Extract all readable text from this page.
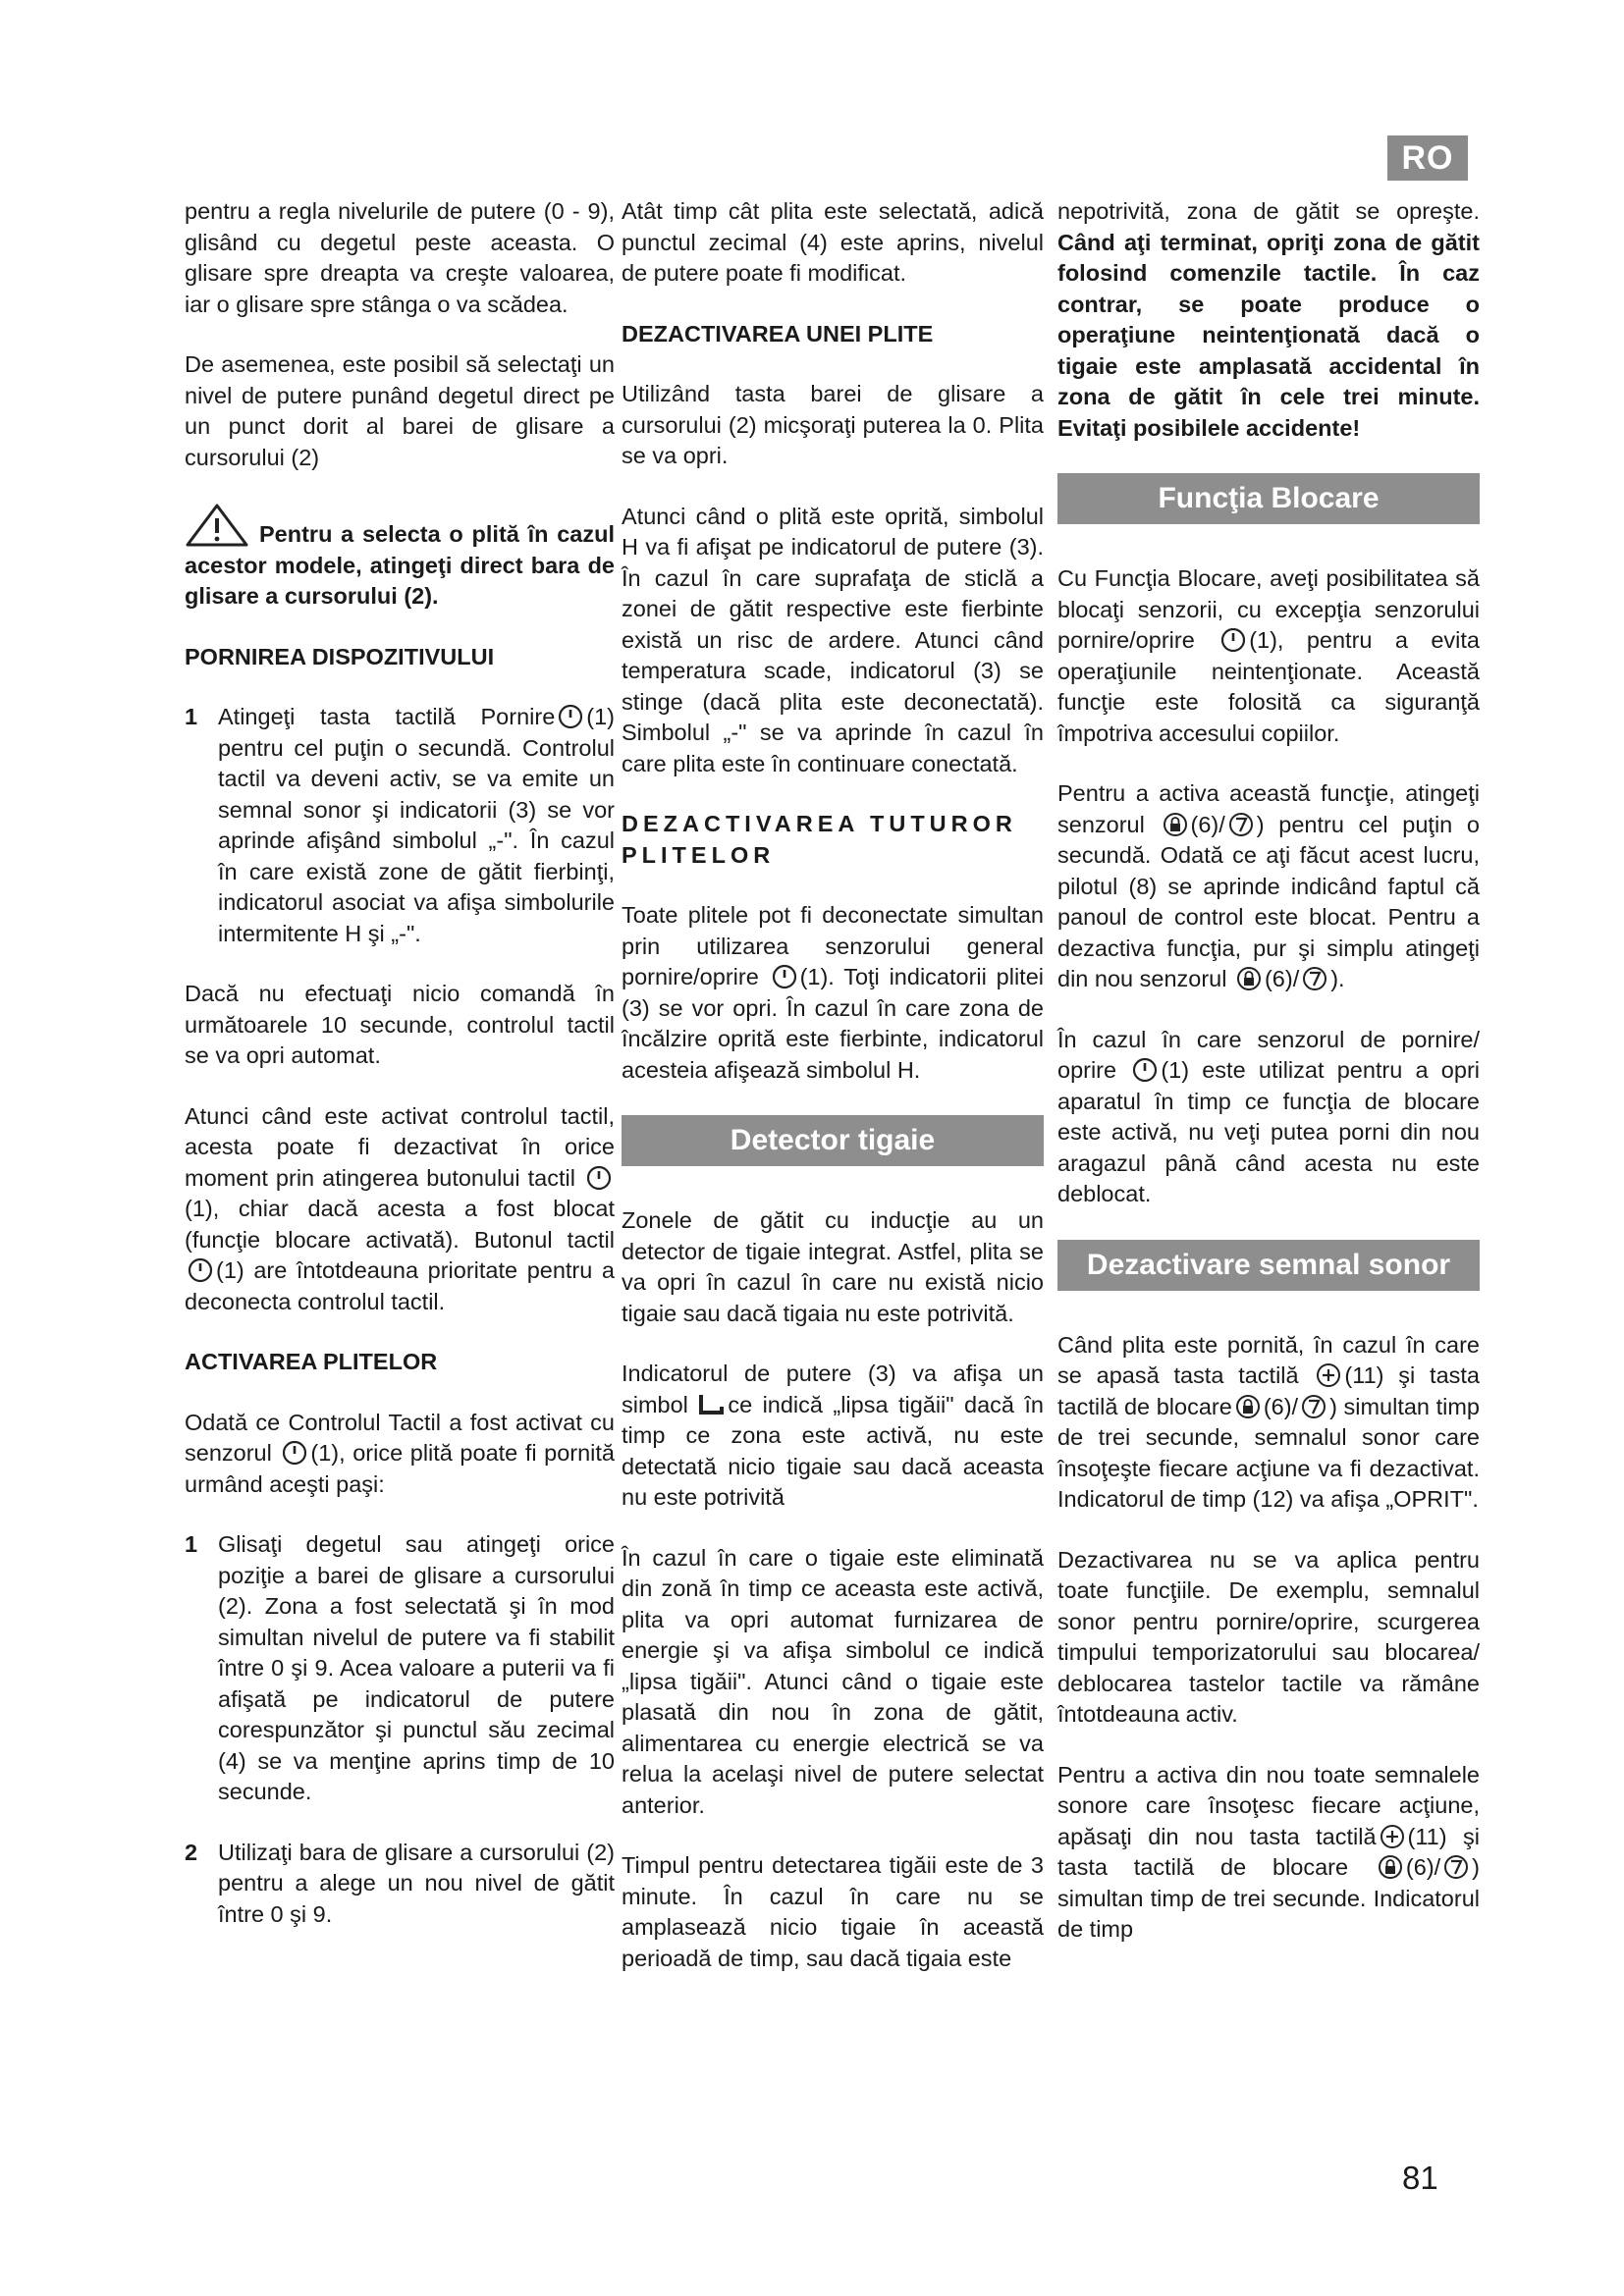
RO

pentru a regla nivelurile de putere (0 - 9), glisând cu degetul peste aceasta. O glisare spre dreapta va creşte valoarea, iar o glisare spre stânga o va scădea.

De asemenea, este posibil să selectaţi un nivel de putere punând degetul direct pe un punct dorit al barei de glisare a cursorului (2)

Pentru a selecta o plită în cazul acestor modele, atingeţi direct bara de glisare a cursorului (2).

PORNIREA DISPOZITIVULUI
1 Atingeţi tasta tactilă Pornire (1) pentru cel puţin o secundă. Controlul tactil va deveni activ, se va emite un semnal sonor şi indicatorii (3) se vor aprinde afişând simbolul „-". În cazul în care există zone de gătit fierbinţi, indicatorul asociat va afişa simbolurile intermitente H şi „-".

Dacă nu efectuaţi nicio comandă în următoarele 10 secunde, controlul tactil se va opri automat.

Atunci când este activat controlul tactil, acesta poate fi dezactivat în orice moment prin atingerea butonului tactil (1), chiar dacă acesta a fost blocat (funcţie blocare activată). Butonul tactil (1) are întotdeauna prioritate pentru a deconecta controlul tactil.

ACTIVAREA PLITELOR

Odată ce Controlul Tactil a fost activat cu senzorul (1), orice plită poate fi pornită urmând aceşti paşi:

1 Glisaţi degetul sau atingeţi orice poziţie a barei de glisare a cursorului (2). Zona a fost selectată şi în mod simultan nivelul de putere va fi stabilit între 0 şi 9. Acea valoare a puterii va fi afişată pe indicatorul de putere corespunzător şi punctul său zecimal (4) se va menţine aprins timp de 10 secunde.
2 Utilizaţi bara de glisare a cursorului (2) pentru a alege un nou nivel de gătit între 0 şi 9.

Atât timp cât plita este selectată, adică punctul zecimal (4) este aprins, nivelul de putere poate fi modificat.

DEZACTIVAREA UNEI PLITE

Utilizând tasta barei de glisare a cursorului (2) micşoraţi puterea la 0. Plita se va opri.

Atunci când o plită este oprită, simbolul H va fi afişat pe indicatorul de putere (3). În cazul în care suprafaţa de sticlă a zonei de gătit respective este fierbinte există un risc de ardere. Atunci când temperatura scade, indicatorul (3) se stinge (dacă plita este deconectată). Simbolul „-" se va aprinde în cazul în care plita este în continuare conectată.

DEZACTIVAREA TUTUROR PLITELOR

Toate plitele pot fi deconectate simultan prin utilizarea senzorului general pornire/oprire (1). Toţi indicatorii plitei (3) se vor opri. În cazul în care zona de încălzire oprită este fierbinte, indicatorul acesteia afişează simbolul H.

Detector tigaie

Zonele de gătit cu inducţie au un detector de tigaie integrat. Astfel, plita se va opri în cazul în care nu există nicio tigaie sau dacă tigaia nu este potrivită.

Indicatorul de putere (3) va afişa un simbol ce indică „lipsa tigăii" dacă în timp ce zona este activă, nu este detectată nicio tigaie sau dacă aceasta nu este potrivită

În cazul în care o tigaie este eliminată din zonă în timp ce aceasta este activă, plita va opri automat furnizarea de energie şi va afişa simbolul ce indică „lipsa tigăii". Atunci când o tigaie este plasată din nou în zona de gătit, alimentarea cu energie electrică se va relua la acelaşi nivel de putere selectat anterior.

Timpul pentru detectarea tigăii este de 3 minute. În cazul în care nu se amplasează nicio tigaie în această perioadă de timp, sau dacă tigaia este

nepotrivită, zona de gătit se opreşte. Când aţi terminat, opriţi zona de gătit folosind comenzile tactile. În caz contrar, se poate produce o operaţiune neintenţionată dacă o tigaie este amplasată accidental în zona de gătit în cele trei minute. Evitaţi posibilele accidente!

Funcţia Blocare

Cu Funcţia Blocare, aveţi posibilitatea să blocaţi senzorii, cu excepţia senzorului pornire/oprire (1), pentru a evita operaţiunile neintenţionate. Această funcţie este folosită ca siguranţă împotriva accesului copiilor.

Pentru a activa această funcţie, atingeţi senzorul (6)/ ) pentru cel puţin o secundă. Odată ce aţi făcut acest lucru, pilotul (8) se aprinde indicând faptul că panoul de control este blocat. Pentru a dezactiva funcţia, pur şi simplu atingeţi din nou senzorul (6)/ ).

În cazul în care senzorul de pornire/ oprire (1) este utilizat pentru a opri aparatul în timp ce funcţia de blocare este activă, nu veţi putea porni din nou aragazul până când acesta nu este deblocat.

Dezactivare semnal sonor

Când plita este pornită, în cazul în care se apasă tasta tactilă (11) şi tasta tactilă de blocare (6)/ ) simultan timp de trei secunde, semnalul sonor care însoţeşte fiecare acţiune va fi dezactivat. Indicatorul de timp (12) va afişa „OPRIT".

Dezactivarea nu se va aplica pentru toate funcţiile. De exemplu, semnalul sonor pentru pornire/oprire, scurgerea timpului temporizatorului sau blocarea/ deblocarea tastelor tactile va rămâne întotdeauna activ.

Pentru a activa din nou toate semnalele sonore care însoţesc fiecare acţiune, apăsaţi din nou tasta tactilă (11) şi tasta tactilă de blocare	(6)/ ) simultan timp de trei secunde. Indicatorul de timp

81
